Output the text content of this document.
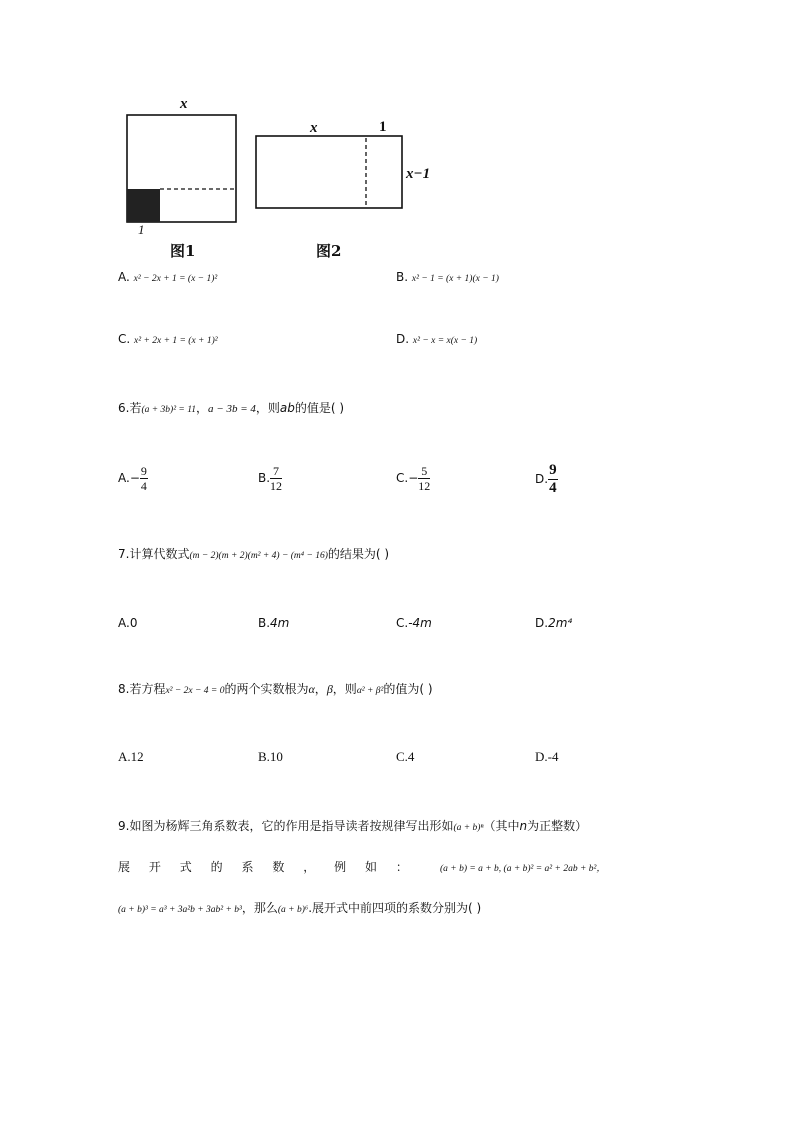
x
1
图1
x	1
x−1
图2
A. x² − 2x + 1 = (x − 1)²	B. x² − 1 = (x + 1)(x − 1)
C. x² + 2x + 1 = (x + 1)²	D. x² − x = x(x − 1)
6.若(a + 3b)² = 11，a − 3b = 4，则ab的值是( )
$A.- \frac{9}{4}$	B. $\frac{7}{12}$	$C.- \frac{5}{12}$	D. $\frac{9}{4}$
7.计算代数式(m − 2)(m + 2)(m² + 4) − (m⁴ − 16)的结果为( )
A.0	B.4m	C.-4m	D.2m⁴
8.若方程x² − 2x − 4 = 0的两个实数根为α，β，则α² + β²的值为( )
A.12	B.10	C.4	D.-4
9.如图为杨辉三角系数表，它的作用是指导读者按规律写出形如(a + b)ⁿ（其中n为正整数）
展 开 式 的 系 数 ， 例 如 ：	(a + b) = a + b, (a + b)² = a² + 2ab + b²，
(a + b)³ = a³ + 3a²b + 3ab² + b³，那么(a + b)⁶.展开式中前四项的系数分别为( )
